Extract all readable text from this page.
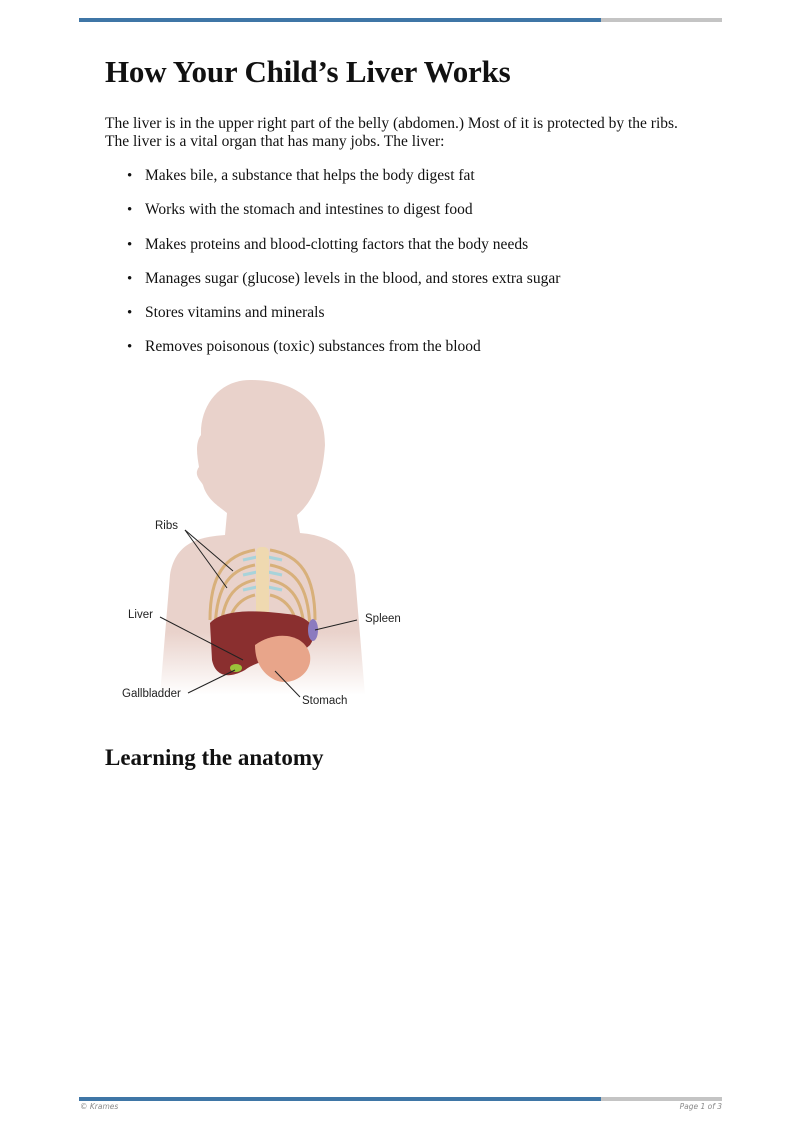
How Your Child’s Liver Works

The liver is in the upper right part of the belly (abdomen.) Most of it is protected by the ribs. The liver is a vital organ that has many jobs. The liver:

• Makes bile, a substance that helps the body digest fat
• Works with the stomach and intestines to digest food
• Makes proteins and blood-clotting factors that the body needs
• Manages sugar (glucose) levels in the blood, and stores extra sugar
• Stores vitamins and minerals
• Removes poisonous (toxic) substances from the blood
Ribs
Liver	Spleen
Gallbladder
Stomach
Learning the anatomy
© Krames	Page 1 of 3
